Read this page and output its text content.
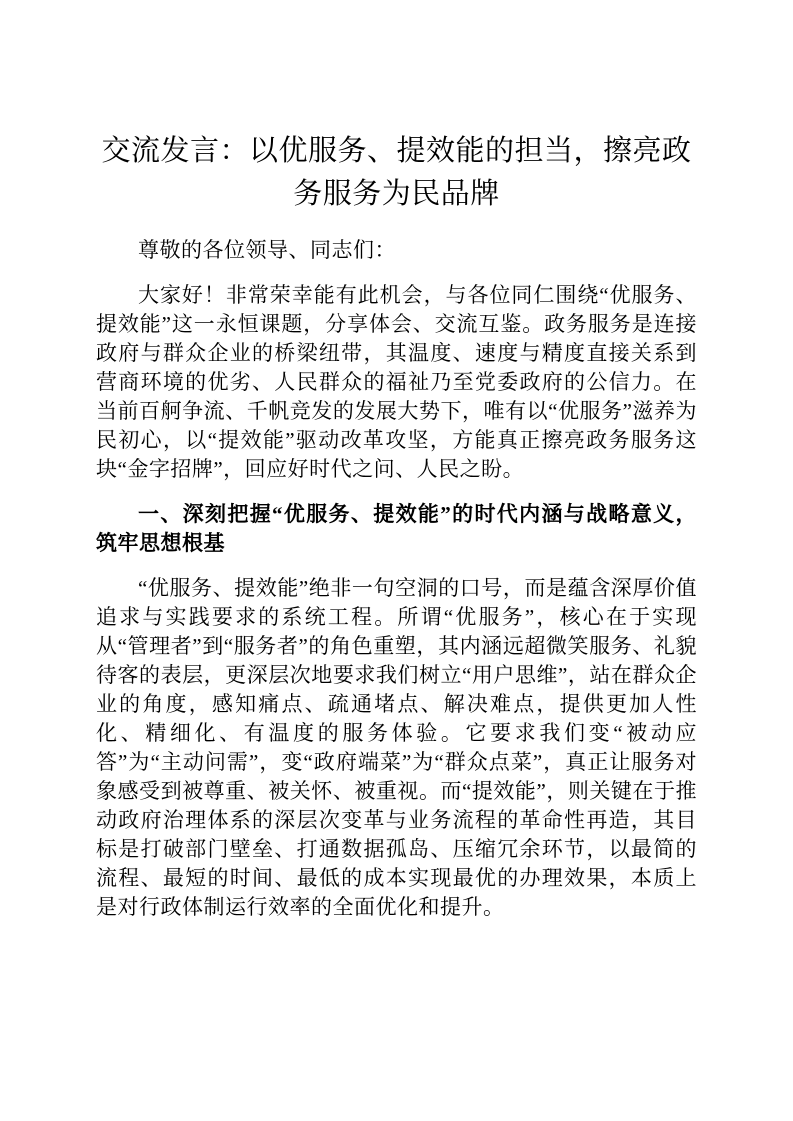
交流发言：以优服务、提效能的担当，擦亮政务服务为民品牌

尊敬的各位领导、同志们：

大家好！非常荣幸能有此机会，与各位同仁围绕“优服务、提效能”这一永恒课题，分享体会、交流互鉴。政务服务是连接政府与群众企业的桥梁纽带，其温度、速度与精度直接关系到营商环境的优劣、人民群众的福祉乃至党委政府的公信力。在当前百舸争流、千帆竞发的发展大势下，唯有以“优服务”滋养为民初心，以“提效能”驱动改革攻坚，方能真正擦亮政务服务这块“金字招牌”，回应好时代之问、人民之盼。

一、深刻把握“优服务、提效能”的时代内涵与战略意义，筑牢思想根基

“优服务、提效能”绝非一句空洞的口号，而是蕴含深厚价值追求与实践要求的系统工程。所谓“优服务”，核心在于实现从“管理者”到“服务者”的角色重塑，其内涵远超微笑服务、礼貌待客的表层，更深层次地要求我们树立“用户思维”，站在群众企业的角度，感知痛点、疏通堵点、解决难点，提供更加人性化、精细化、有温度的服务体验。它要求我们变“被动应答”为“主动问需”，变“政府端菜”为“群众点菜”，真正让服务对象感受到被尊重、被关怀、被重视。而“提效能”，则关键在于推动政府治理体系的深层次变革与业务流程的革命性再造，其目标是打破部门壁垒、打通数据孤岛、压缩冗余环节，以最简的流程、最短的时间、最低的成本实现最优的办理效果，本质上是对行政体制运行效率的全面优化和提升。
